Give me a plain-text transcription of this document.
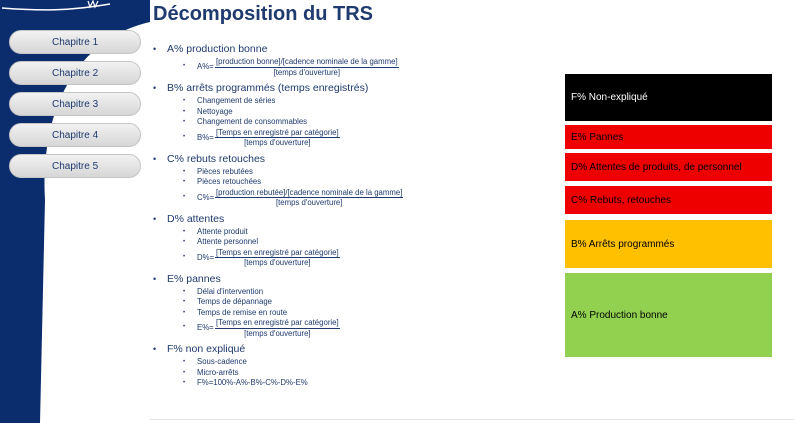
Chapitre 1
Chapitre 2
Chapitre 3
Chapitre 4
Chapitre 5
Décomposition du TRS
• A% production bonne
• A%=
[production bonne]/[cadence nominale de la gamme]
[temps d'ouverture]
• B% arrêts programmés (temps enregistrés)
• Changement de séries
• Nettoyage
• Changement de consommables
• B%=
[Temps en enregistré par catégorie]
[temps d'ouverture]
• C% rebuts retouches
• Pièces rebutées
• Pièces retouchées
• C%=
[production rebutée]/[cadence nominale de la gamme]
[temps d'ouverture]
• D% attentes
• Attente produit
• Attente personnel
• D%=
[Temps en enregistré par catégorie]
[temps d'ouverture]
• E% pannes
• Délai d'intervention
• Temps de dépannage
• Temps de remise en route
• E%=
[Temps en enregistré par catégorie]
[temps d'ouverture]
• F% non expliqué
• Sous-cadence
• Micro-arrêts
• F%=100%-A%-B%-C%-D%-E%
F% Non-expliqué
E% Pannes
D% Attentes de produits, de personnel
C% Rebuts, retouches
B% Arrêts programmés
A% Production bonne
